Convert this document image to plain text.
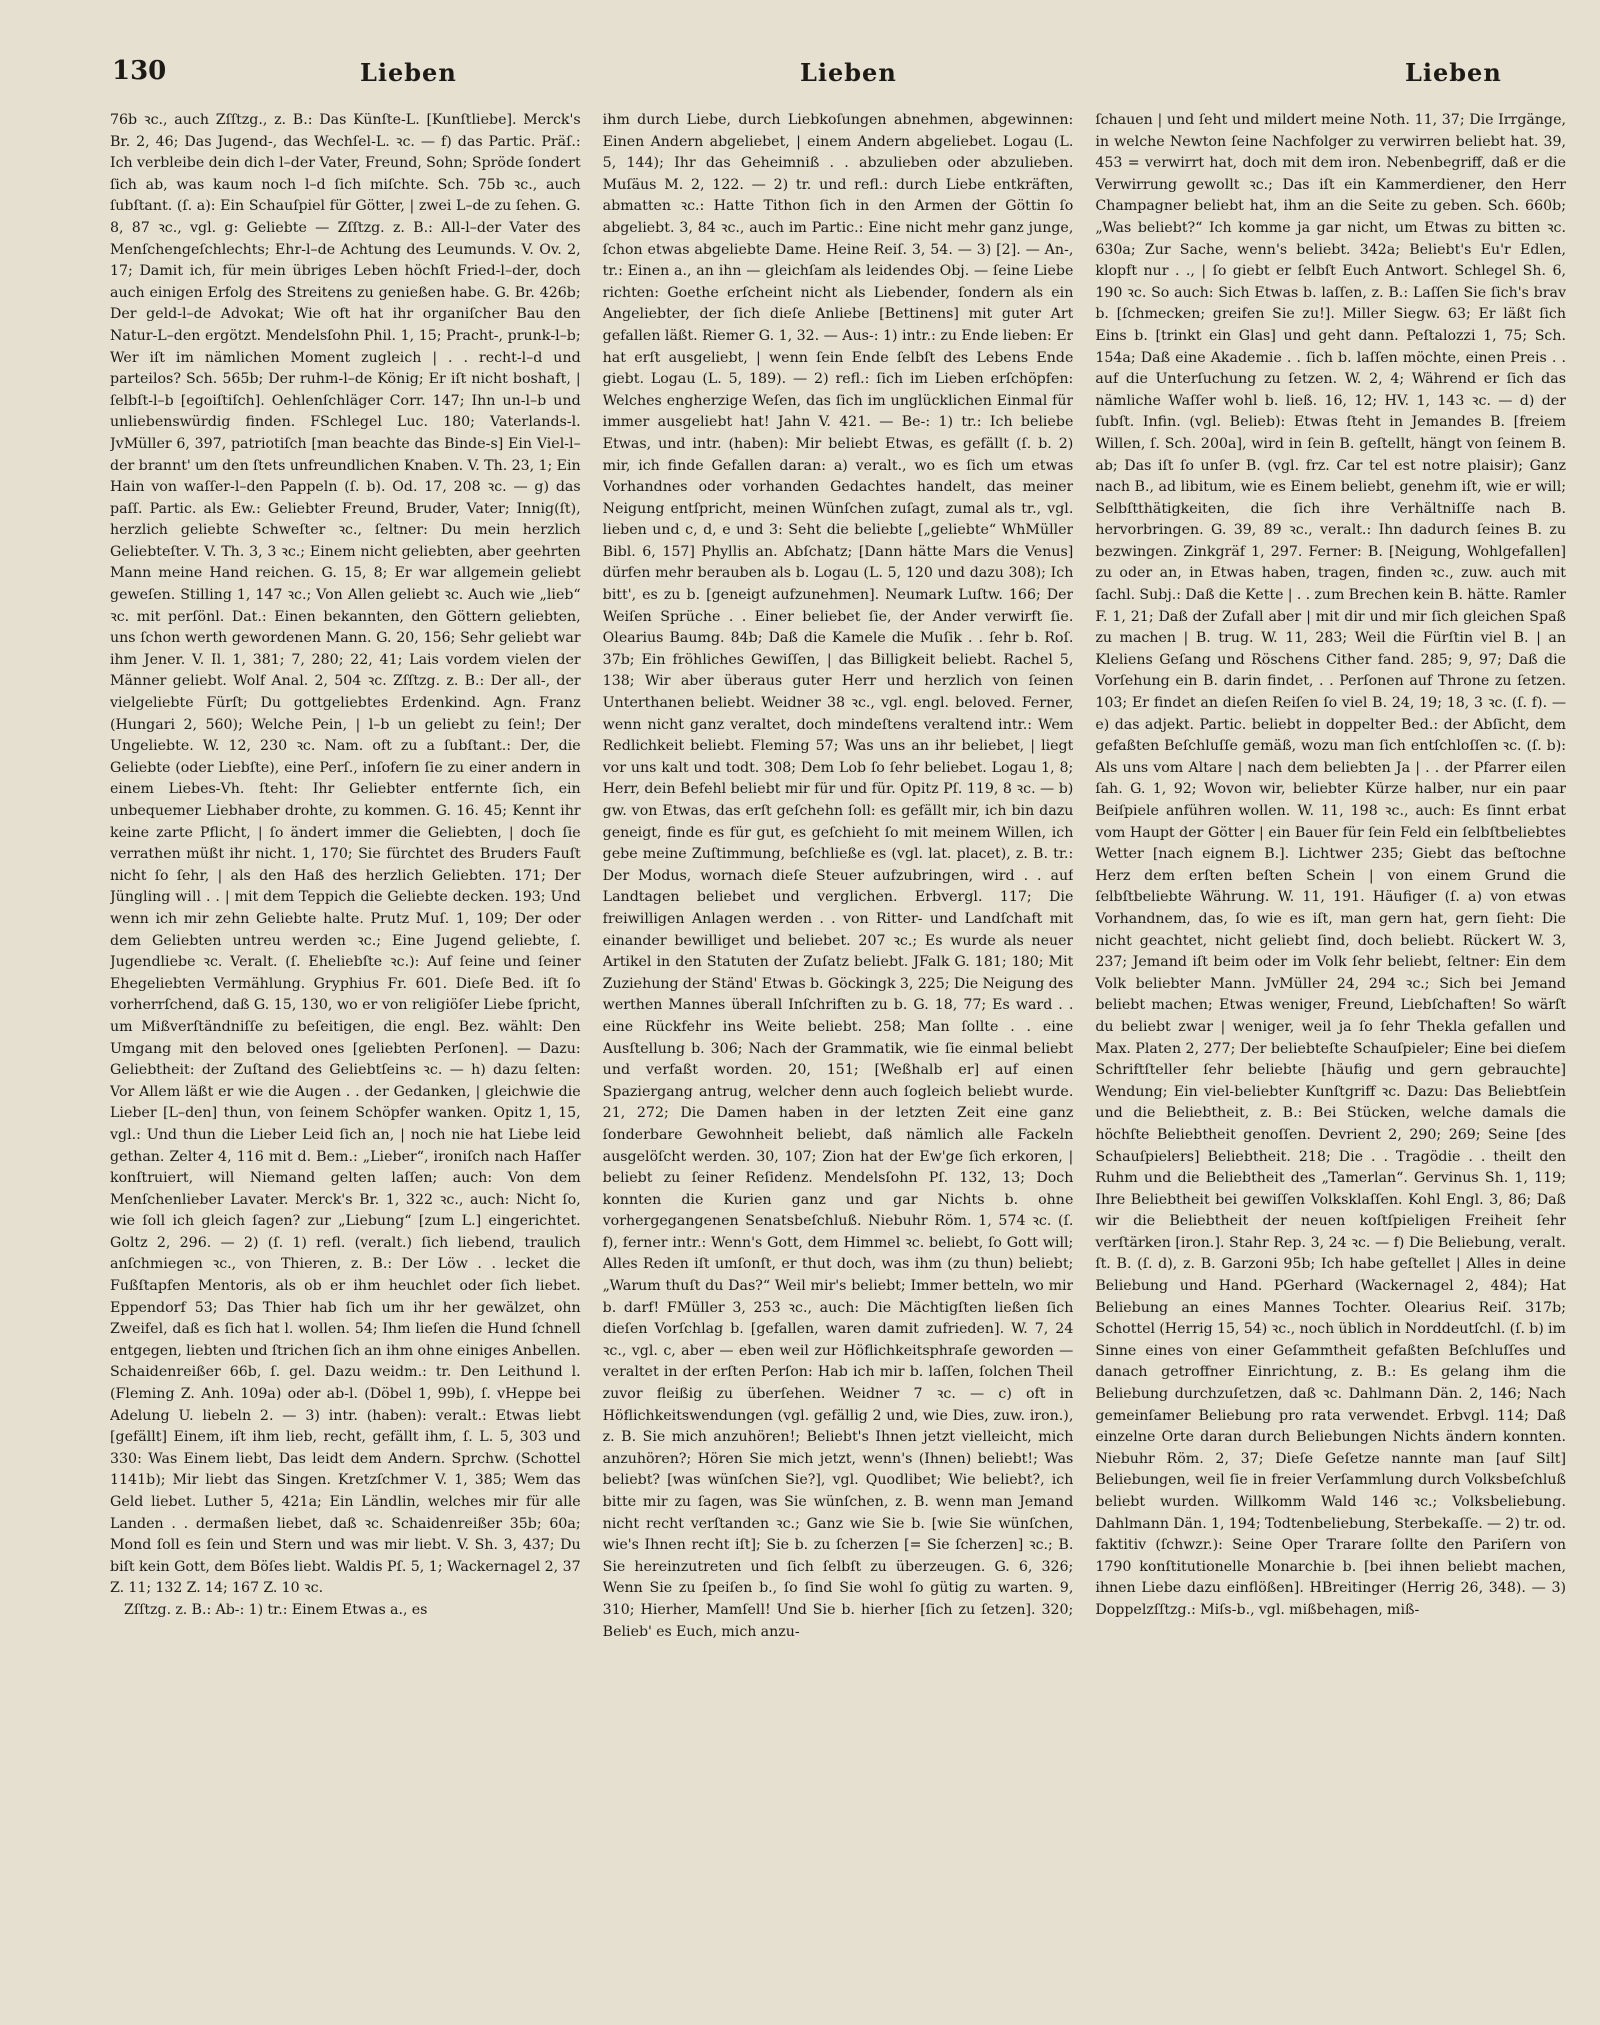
130	Lieben	Lieben	Lieben

76b ꝛc., auch Zſſtzg., z. B.: Das Künſte‑L. [Kunſtliebe]. Merck's Br. 2, 46; Das Jugend‑, das Wechſel‑L. ꝛc. — f) das Partic. Präſ.: Ich verbleibe dein dich l–der Vater, Freund, Sohn; Spröde ſondert ſich ab, was kaum noch l–d ſich miſchte. Sch. 75b ꝛc., auch ſubſtant. (ſ. a): Ein Schauſpiel für Götter, | zwei L–de zu ſehen. G. 8, 87 ꝛc., vgl. g: Geliebte — Zſſtzg. z. B.: All‑l–der Vater des Menſchengeſchlechts; Ehr‑l–de Achtung des Leumunds. V. Ov. 2, 17; Damit ich, für mein übriges Leben höchſt Fried‑l–der, doch auch einigen Erfolg des Streitens zu genießen habe. G. Br. 426b; Der geld‑l–de Advokat; Wie oft hat ihr organiſcher Bau den Natur‑L–den ergötzt. Mendelsſohn Phil. 1, 15; Pracht‑, prunk‑l–b; Wer iſt im nämlichen Moment zugleich | . . recht‑l–d und parteilos? Sch. 565b; Der ruhm‑l–de König; Er iſt nicht boshaft, | ſelbſt‑l–b [egoiſtiſch]. Oehlenſchläger Corr. 147; Ihn un‑l–b und unliebenswürdig finden. FSchlegel Luc. 180; Vaterlands‑l. JvMüller 6, 397, patriotiſch [man beachte das Binde‑s] Ein Viel‑l–der brannt' um den ſtets unfreundlichen Knaben. V. Th. 23, 1; Ein Hain von waſſer‑l–den Pappeln (ſ. b). Od. 17, 208 ꝛc. — g) das paſſ. Partic. als Ew.: Geliebter Freund, Bruder, Vater; Innig(ſt), herzlich geliebte Schweſter ꝛc., ſeltner: Du mein herzlich Geliebteſter. V. Th. 3, 3 ꝛc.; Einem nicht geliebten, aber geehrten Mann meine Hand reichen. G. 15, 8; Er war allgemein geliebt geweſen. Stilling 1, 147 ꝛc.; Von Allen geliebt ꝛc. Auch wie „lieb“ ꝛc. mit perſönl. Dat.: Einen bekannten, den Göttern geliebten, uns ſchon werth gewordenen Mann. G. 20, 156; Sehr geliebt war ihm Jener. V. Il. 1, 381; 7, 280; 22, 41; Lais vordem vielen der Männer geliebt. Wolf Anal. 2, 504 ꝛc. Zſſtzg. z. B.: Der all‑, der vielgeliebte Fürſt; Du gottgeliebtes Erdenkind. Agn. Franz (Hungari 2, 560); Welche Pein, | l–b un geliebt zu ſein!; Der Ungeliebte. W. 12, 230 ꝛc. Nam. oft zu a ſubſtant.: Der, die Geliebte (oder Liebſte), eine Perſ., inſofern ſie zu einer andern in einem Liebes‑Vh. ſteht: Ihr Geliebter entfernte ſich, ein unbequemer Liebhaber drohte, zu kommen. G. 16. 45; Kennt ihr keine zarte Pflicht, | ſo ändert immer die Geliebten, | doch ſie verrathen müßt ihr nicht. 1, 170; Sie fürchtet des Bruders Fauſt nicht ſo ſehr, | als den Haß des herzlich Geliebten. 171; Der Jüngling will . . | mit dem Teppich die Geliebte decken. 193; Und wenn ich mir zehn Geliebte halte. Prutz Muſ. 1, 109; Der oder dem Geliebten untreu werden ꝛc.; Eine Jugend geliebte, ſ. Jugendliebe ꝛc. Veralt. (ſ. Eheliebſte ꝛc.): Auf ſeine und ſeiner Ehegeliebten Vermählung. Gryphius Fr. 601. Dieſe Bed. iſt ſo vorherrſchend, daß G. 15, 130, wo er von religiöſer Liebe ſpricht, um Mißverſtändniſſe zu beſeitigen, die engl. Bez. wählt: Den Umgang mit den beloved ones [geliebten Perſonen]. — Dazu: Geliebtheit: der Zuſtand des Geliebtſeins ꝛc. — h) dazu ſelten: Vor Allem läßt er wie die Augen . . der Gedanken, | gleichwie die Lieber [L–den] thun, von ſeinem Schöpfer wanken. Opitz 1, 15, vgl.: Und thun die Lieber Leid ſich an, | noch nie hat Liebe leid gethan. Zelter 4, 116 mit d. Bem.: „Lieber“, ironiſch nach Haſſer konſtruiert, will Niemand gelten laſſen; auch: Von dem Menſchenlieber Lavater. Merck's Br. 1, 322 ꝛc., auch: Nicht ſo, wie ſoll ich gleich ſagen? zur „Liebung“ [zum L.] eingerichtet. Goltz 2, 296. — 2) (ſ. 1) refl. (veralt.) ſich liebend, traulich anſchmiegen ꝛc., von Thieren, z. B.: Der Löw . . lecket die Fußſtapfen Mentoris, als ob er ihm heuchlet oder ſich liebet. Eppendorf 53; Das Thier hab ſich um ihr her gewälzet, ohn Zweifel, daß es ſich hat l. wollen. 54; Ihm lieſen die Hund ſchnell entgegen, liebten und ſtrichen ſich an ihm ohne einiges Anbellen. Schaidenreißer 66b, ſ. gel. Dazu weidm.: tr. Den Leithund l. (Fleming Z. Anh. 109a) oder ab‑l. (Döbel 1, 99b), ſ. vHeppe bei Adelung U. liebeln 2. — 3) intr. (haben): veralt.: Etwas liebt [gefällt] Einem, iſt ihm lieb, recht, gefällt ihm, ſ. L. 5, 303 und 330: Was Einem liebt, Das leidt dem Andern. Sprchw. (Schottel 1141b); Mir liebt das Singen. Kretzſchmer V. 1, 385; Wem das Geld liebet. Luther 5, 421a; Ein Ländlin, welches mir für alle Landen . . dermaßen liebet, daß ꝛc. Schaidenreißer 35b; 60a; Mond ſoll es ſein und Stern und was mir liebt. V. Sh. 3, 437; Du biſt kein Gott, dem Böſes liebt. Waldis Pſ. 5, 1; Wackernagel 2, 37 Z. 11; 132 Z. 14; 167 Z. 10 ꝛc.

Zſſtzg. z. B.: Ab‑: 1) tr.: Einem Etwas a., es

ihm durch Liebe, durch Liebkoſungen abnehmen, abgewinnen: Einen Andern abgeliebet, | einem Andern abgeliebet. Logau (L. 5, 144); Ihr das Geheimniß . . abzulieben oder abzulieben. Muſäus M. 2, 122. — 2) tr. und refl.: durch Liebe entkräften, abmatten ꝛc.: Hatte Tithon ſich in den Armen der Göttin ſo abgeliebt. 3, 84 ꝛc., auch im Partic.: Eine nicht mehr ganz junge, ſchon etwas abgeliebte Dame. Heine Reiſ. 3, 54. — 3) [2]. — An‑, tr.: Einen a., an ihn — gleichſam als leidendes Obj. — ſeine Liebe richten: Goethe erſcheint nicht als Liebender, ſondern als ein Angeliebter, der ſich dieſe Anliebe [Bettinens] mit guter Art gefallen läßt. Riemer G. 1, 32. — Aus‑: 1) intr.: zu Ende lieben: Er hat erſt ausgeliebt, | wenn ſein Ende ſelbſt des Lebens Ende giebt. Logau (L. 5, 189). — 2) refl.: ſich im Lieben erſchöpfen: Welches engherzige Weſen, das ſich im unglücklichen Einmal für immer ausgeliebt hat! Jahn V. 421. — Be‑: 1) tr.: Ich beliebe Etwas, und intr. (haben): Mir beliebt Etwas, es gefällt (ſ. b. 2) mir, ich finde Gefallen daran: a) veralt., wo es ſich um etwas Vorhandnes oder vorhanden Gedachtes handelt, das meiner Neigung entſpricht, meinen Wünſchen zuſagt, zumal als tr., vgl. lieben und c, d, e und 3: Seht die beliebte [„geliebte“ WhMüller Bibl. 6, 157] Phyllis an. Abſchatz; [Dann hätte Mars die Venus] dürfen mehr berauben als b. Logau (L. 5, 120 und dazu 308); Ich bitt', es zu b. [geneigt aufzunehmen]. Neumark Luſtw. 166; Der Weiſen Sprüche . . Einer beliebet ſie, der Ander verwirft ſie. Olearius Baumg. 84b; Daß die Kamele die Muſik . . ſehr b. Roſ. 37b; Ein fröhliches Gewiſſen, | das Billigkeit beliebt. Rachel 5, 138; Wir aber überaus guter Herr und herzlich von ſeinen Unterthanen beliebt. Weidner 38 ꝛc., vgl. engl. beloved. Ferner, wenn nicht ganz veraltet, doch mindeſtens veraltend intr.: Wem Redlichkeit beliebt. Fleming 57; Was uns an ihr beliebet, | liegt vor uns kalt und todt. 308; Dem Lob ſo ſehr beliebet. Logau 1, 8; Herr, dein Befehl beliebt mir für und für. Opitz Pſ. 119, 8 ꝛc. — b) gw. von Etwas, das erſt geſchehn ſoll: es gefällt mir, ich bin dazu geneigt, finde es für gut, es geſchieht ſo mit meinem Willen, ich gebe meine Zuſtimmung, beſchließe es (vgl. lat. placet), z. B. tr.: Der Modus, wornach dieſe Steuer aufzubringen, wird . . auf Landtagen beliebet und verglichen. Erbvergl. 117; Die freiwilligen Anlagen werden . . von Ritter‑ und Landſchaft mit einander bewilliget und beliebet. 207 ꝛc.; Es wurde als neuer Artikel in den Statuten der Zuſatz beliebt. JFalk G. 181; 180; Mit Zuziehung der Ständ' Etwas b. Göckingk 3, 225; Die Neigung des werthen Mannes überall Inſchriften zu b. G. 18, 77; Es ward . . eine Rückfehr ins Weite beliebt. 258; Man ſollte . . eine Ausſtellung b. 306; Nach der Grammatik, wie ſie einmal beliebt und verfaßt worden. 20, 151; [Weßhalb er] auf einen Spaziergang antrug, welcher denn auch ſogleich beliebt wurde. 21, 272; Die Damen haben in der letzten Zeit eine ganz ſonderbare Gewohnheit beliebt, daß nämlich alle Fackeln ausgelöſcht werden. 30, 107; Zion hat der Ew'ge ſich erkoren, | beliebt zu ſeiner Reſidenz. Mendelsſohn Pſ. 132, 13; Doch konnten die Kurien ganz und gar Nichts b. ohne vorhergegangenen Senatsbeſchluß. Niebuhr Röm. 1, 574 ꝛc. (ſ. f), ferner intr.: Wenn's Gott, dem Himmel ꝛc. beliebt, ſo Gott will; Alles Reden iſt umſonſt, er thut doch, was ihm (zu thun) beliebt; „Warum thuſt du Das?“ Weil mir's beliebt; Immer betteln, wo mir b. darf! FMüller 3, 253 ꝛc., auch: Die Mächtigſten ließen ſich dieſen Vorſchlag b. [gefallen, waren damit zufrieden]. W. 7, 24 ꝛc., vgl. c, aber — eben weil zur Höflichkeitsphraſe geworden — veraltet in der erſten Perſon: Hab ich mir b. laſſen, ſolchen Theil zuvor fleißig zu überſehen. Weidner 7 ꝛc. — c) oft in Höflichkeitswendungen (vgl. gefällig 2 und, wie Dies, zuw. iron.), z. B. Sie mich anzuhören!; Beliebt's Ihnen jetzt vielleicht, mich anzuhören?; Hören Sie mich jetzt, wenn's (Ihnen) beliebt!; Was beliebt? [was wünſchen Sie?], vgl. Quodlibet; Wie beliebt?, ich bitte mir zu ſagen, was Sie wünſchen, z. B. wenn man Jemand nicht recht verſtanden ꝛc.; Ganz wie Sie b. [wie Sie wünſchen, wie's Ihnen recht iſt]; Sie b. zu ſcherzen [= Sie ſcherzen] ꝛc.; B. Sie hereinzutreten und ſich ſelbſt zu überzeugen. G. 6, 326; Wenn Sie zu ſpeiſen b., ſo ſind Sie wohl ſo gütig zu warten. 9, 310; Hierher, Mamſell! Und Sie b. hierher [ſich zu ſetzen]. 320; Belieb' es Euch, mich anzu‑

ſchauen | und ſeht und mildert meine Noth. 11, 37; Die Irrgänge, in welche Newton ſeine Nachfolger zu verwirren beliebt hat. 39, 453 = verwirrt hat, doch mit dem iron. Nebenbegriff, daß er die Verwirrung gewollt ꝛc.; Das iſt ein Kammerdiener, den Herr Champagner beliebt hat, ihm an die Seite zu geben. Sch. 660b; „Was beliebt?“ Ich komme ja gar nicht, um Etwas zu bitten ꝛc. 630a; Zur Sache, wenn's beliebt. 342a; Beliebt's Eu'r Edlen, klopft nur . ., | ſo giebt er ſelbſt Euch Antwort. Schlegel Sh. 6, 190 ꝛc. So auch: Sich Etwas b. laſſen, z. B.: Laſſen Sie ſich's brav b. [ſchmecken; greifen Sie zu!]. Miller Siegw. 63; Er läßt ſich Eins b. [trinkt ein Glas] und geht dann. Peſtalozzi 1, 75; Sch. 154a; Daß eine Akademie . . ſich b. laſſen möchte, einen Preis . . auf die Unterſuchung zu ſetzen. W. 2, 4; Während er ſich das nämliche Waſſer wohl b. ließ. 16, 12; HV. 1, 143 ꝛc. — d) der ſubſt. Infin. (vgl. Belieb): Etwas ſteht in Jemandes B. [freiem Willen, ſ. Sch. 200a], wird in ſein B. geſtellt, hängt von ſeinem B. ab; Das iſt ſo unſer B. (vgl. frz. Car tel est notre plaisir); Ganz nach B., ad libitum, wie es Einem beliebt, genehm iſt, wie er will; Selbſtthätigkeiten, die ſich ihre Verhältniſſe nach B. hervorbringen. G. 39, 89 ꝛc., veralt.: Ihn dadurch ſeines B. zu bezwingen. Zinkgräf 1, 297. Ferner: B. [Neigung, Wohlgefallen] zu oder an, in Etwas haben, tragen, finden ꝛc., zuw. auch mit ſachl. Subj.: Daß die Kette | . . zum Brechen kein B. hätte. Ramler F. 1, 21; Daß der Zufall aber | mit dir und mir ſich gleichen Spaß zu machen | B. trug. W. 11, 283; Weil die Fürſtin viel B. | an Kleliens Geſang und Röschens Cither fand. 285; 9, 97; Daß die Vorſehung ein B. darin findet, . . Perſonen auf Throne zu ſetzen. 103; Er findet an dieſen Reiſen ſo viel B. 24, 19; 18, 3 ꝛc. (ſ. f). — e) das adjekt. Partic. beliebt in doppelter Bed.: der Abſicht, dem gefaßten Beſchluſſe gemäß, wozu man ſich entſchloſſen ꝛc. (ſ. b): Als uns vom Altare | nach dem beliebten Ja | . . der Pfarrer eilen ſah. G. 1, 92; Wovon wir, beliebter Kürze halber, nur ein paar Beiſpiele anführen wollen. W. 11, 198 ꝛc., auch: Es ſinnt erbat vom Haupt der Götter | ein Bauer für ſein Feld ein ſelbſtbeliebtes Wetter [nach eignem B.]. Lichtwer 235; Giebt das beſtochne Herz dem erſten beſten Schein | von einem Grund die ſelbſtbeliebte Währung. W. 11, 191. Häufiger (ſ. a) von etwas Vorhandnem, das, ſo wie es iſt, man gern hat, gern ſieht: Die nicht geachtet, nicht geliebt ſind, doch beliebt. Rückert W. 3, 237; Jemand iſt beim oder im Volk ſehr beliebt, ſeltner: Ein dem Volk beliebter Mann. JvMüller 24, 294 ꝛc.; Sich bei Jemand beliebt machen; Etwas weniger, Freund, Liebſchaften! So wärſt du beliebt zwar | weniger, weil ja ſo ſehr Thekla gefallen und Max. Platen 2, 277; Der beliebteſte Schauſpieler; Eine bei dieſem Schriftſteller ſehr beliebte [häufig und gern gebrauchte] Wendung; Ein viel‑beliebter Kunſtgriff ꝛc. Dazu: Das Beliebtſein und die Beliebtheit, z. B.: Bei Stücken, welche damals die höchſte Beliebtheit genoſſen. Devrient 2, 290; 269; Seine [des Schauſpielers] Beliebtheit. 218; Die . . Tragödie . . theilt den Ruhm und die Beliebtheit des „Tamerlan“. Gervinus Sh. 1, 119; Ihre Beliebtheit bei gewiſſen Volksklaſſen. Kohl Engl. 3, 86; Daß wir die Beliebtheit der neuen koſtſpieligen Freiheit ſehr verſtärken [iron.]. Stahr Rep. 3, 24 ꝛc. — f) Die Beliebung, veralt. ſt. B. (ſ. d), z. B. Garzoni 95b; Ich habe geſtellet | Alles in deine Beliebung und Hand. PGerhard (Wackernagel 2, 484); Hat Beliebung an eines Mannes Tochter. Olearius Reiſ. 317b; Schottel (Herrig 15, 54) ꝛc., noch üblich in Norddeutſchl. (ſ. b) im Sinne eines von einer Geſammtheit gefaßten Beſchluſſes und danach getroffner Einrichtung, z. B.: Es gelang ihm die Beliebung durchzuſetzen, daß ꝛc. Dahlmann Dän. 2, 146; Nach gemeinſamer Beliebung pro rata verwendet. Erbvgl. 114; Daß einzelne Orte daran durch Beliebungen Nichts ändern konnten. Niebuhr Röm. 2, 37; Dieſe Geſetze nannte man [auf Silt] Beliebungen, weil ſie in freier Verſammlung durch Volksbeſchluß beliebt wurden. Willkomm Wald 146 ꝛc.; Volksbeliebung. Dahlmann Dän. 1, 194; Todtenbeliebung, Sterbekaſſe. — 2) tr. od. faktitiv (ſchwzr.): Seine Oper Trarare ſollte den Pariſern von 1790 konſtitutionelle Monarchie b. [bei ihnen beliebt machen, ihnen Liebe dazu einflößen]. HBreitinger (Herrig 26, 348). — 3) Doppelzſſtzg.: Miſs‑b., vgl. mißbehagen, miß‑
